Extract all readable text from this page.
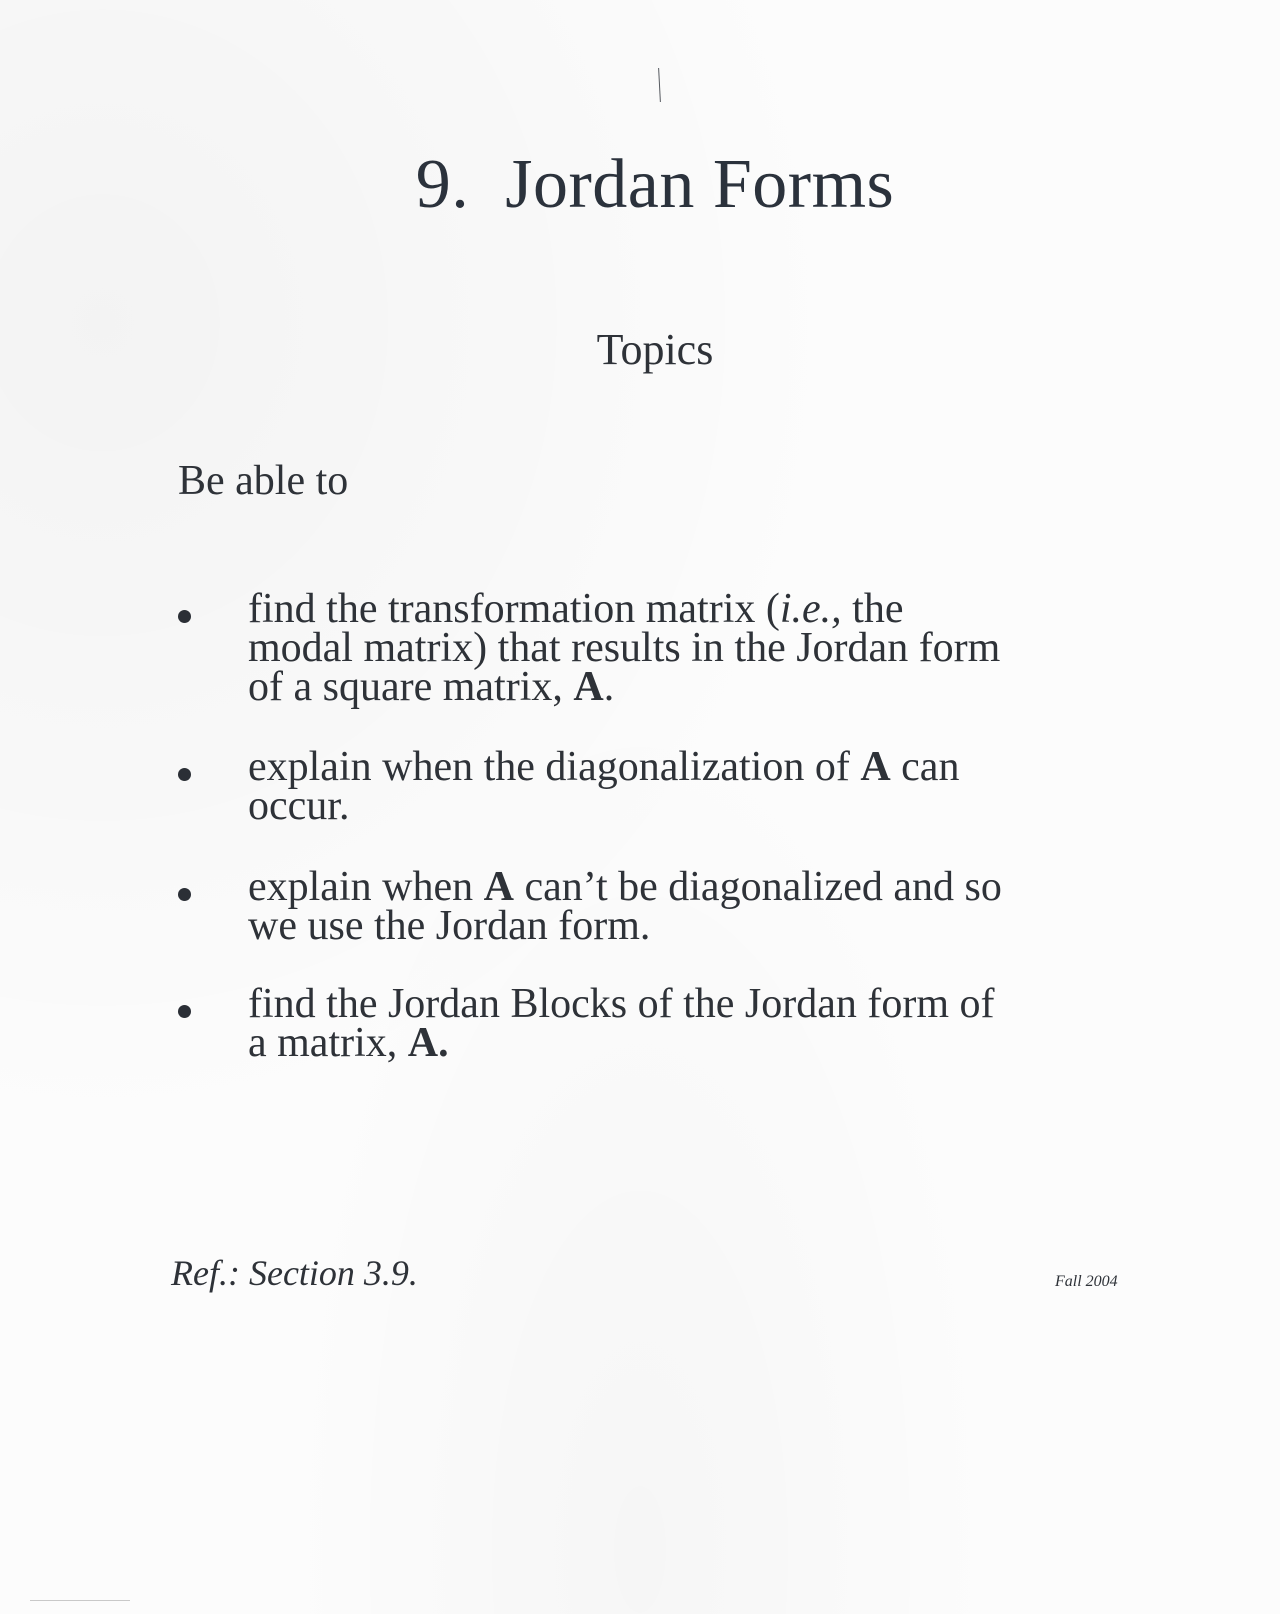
9.  Jordan Forms
Topics
Be able to
find the transformation matrix (i.e., the
modal matrix) that results in the Jordan form
of a square matrix, A.
explain when the diagonalization of A can
occur.
explain when A can’t be diagonalized and so
we use the Jordan form.
find the Jordan Blocks of the Jordan form of
a matrix, A.
Ref.: Section 3.9.	Fall 2004
